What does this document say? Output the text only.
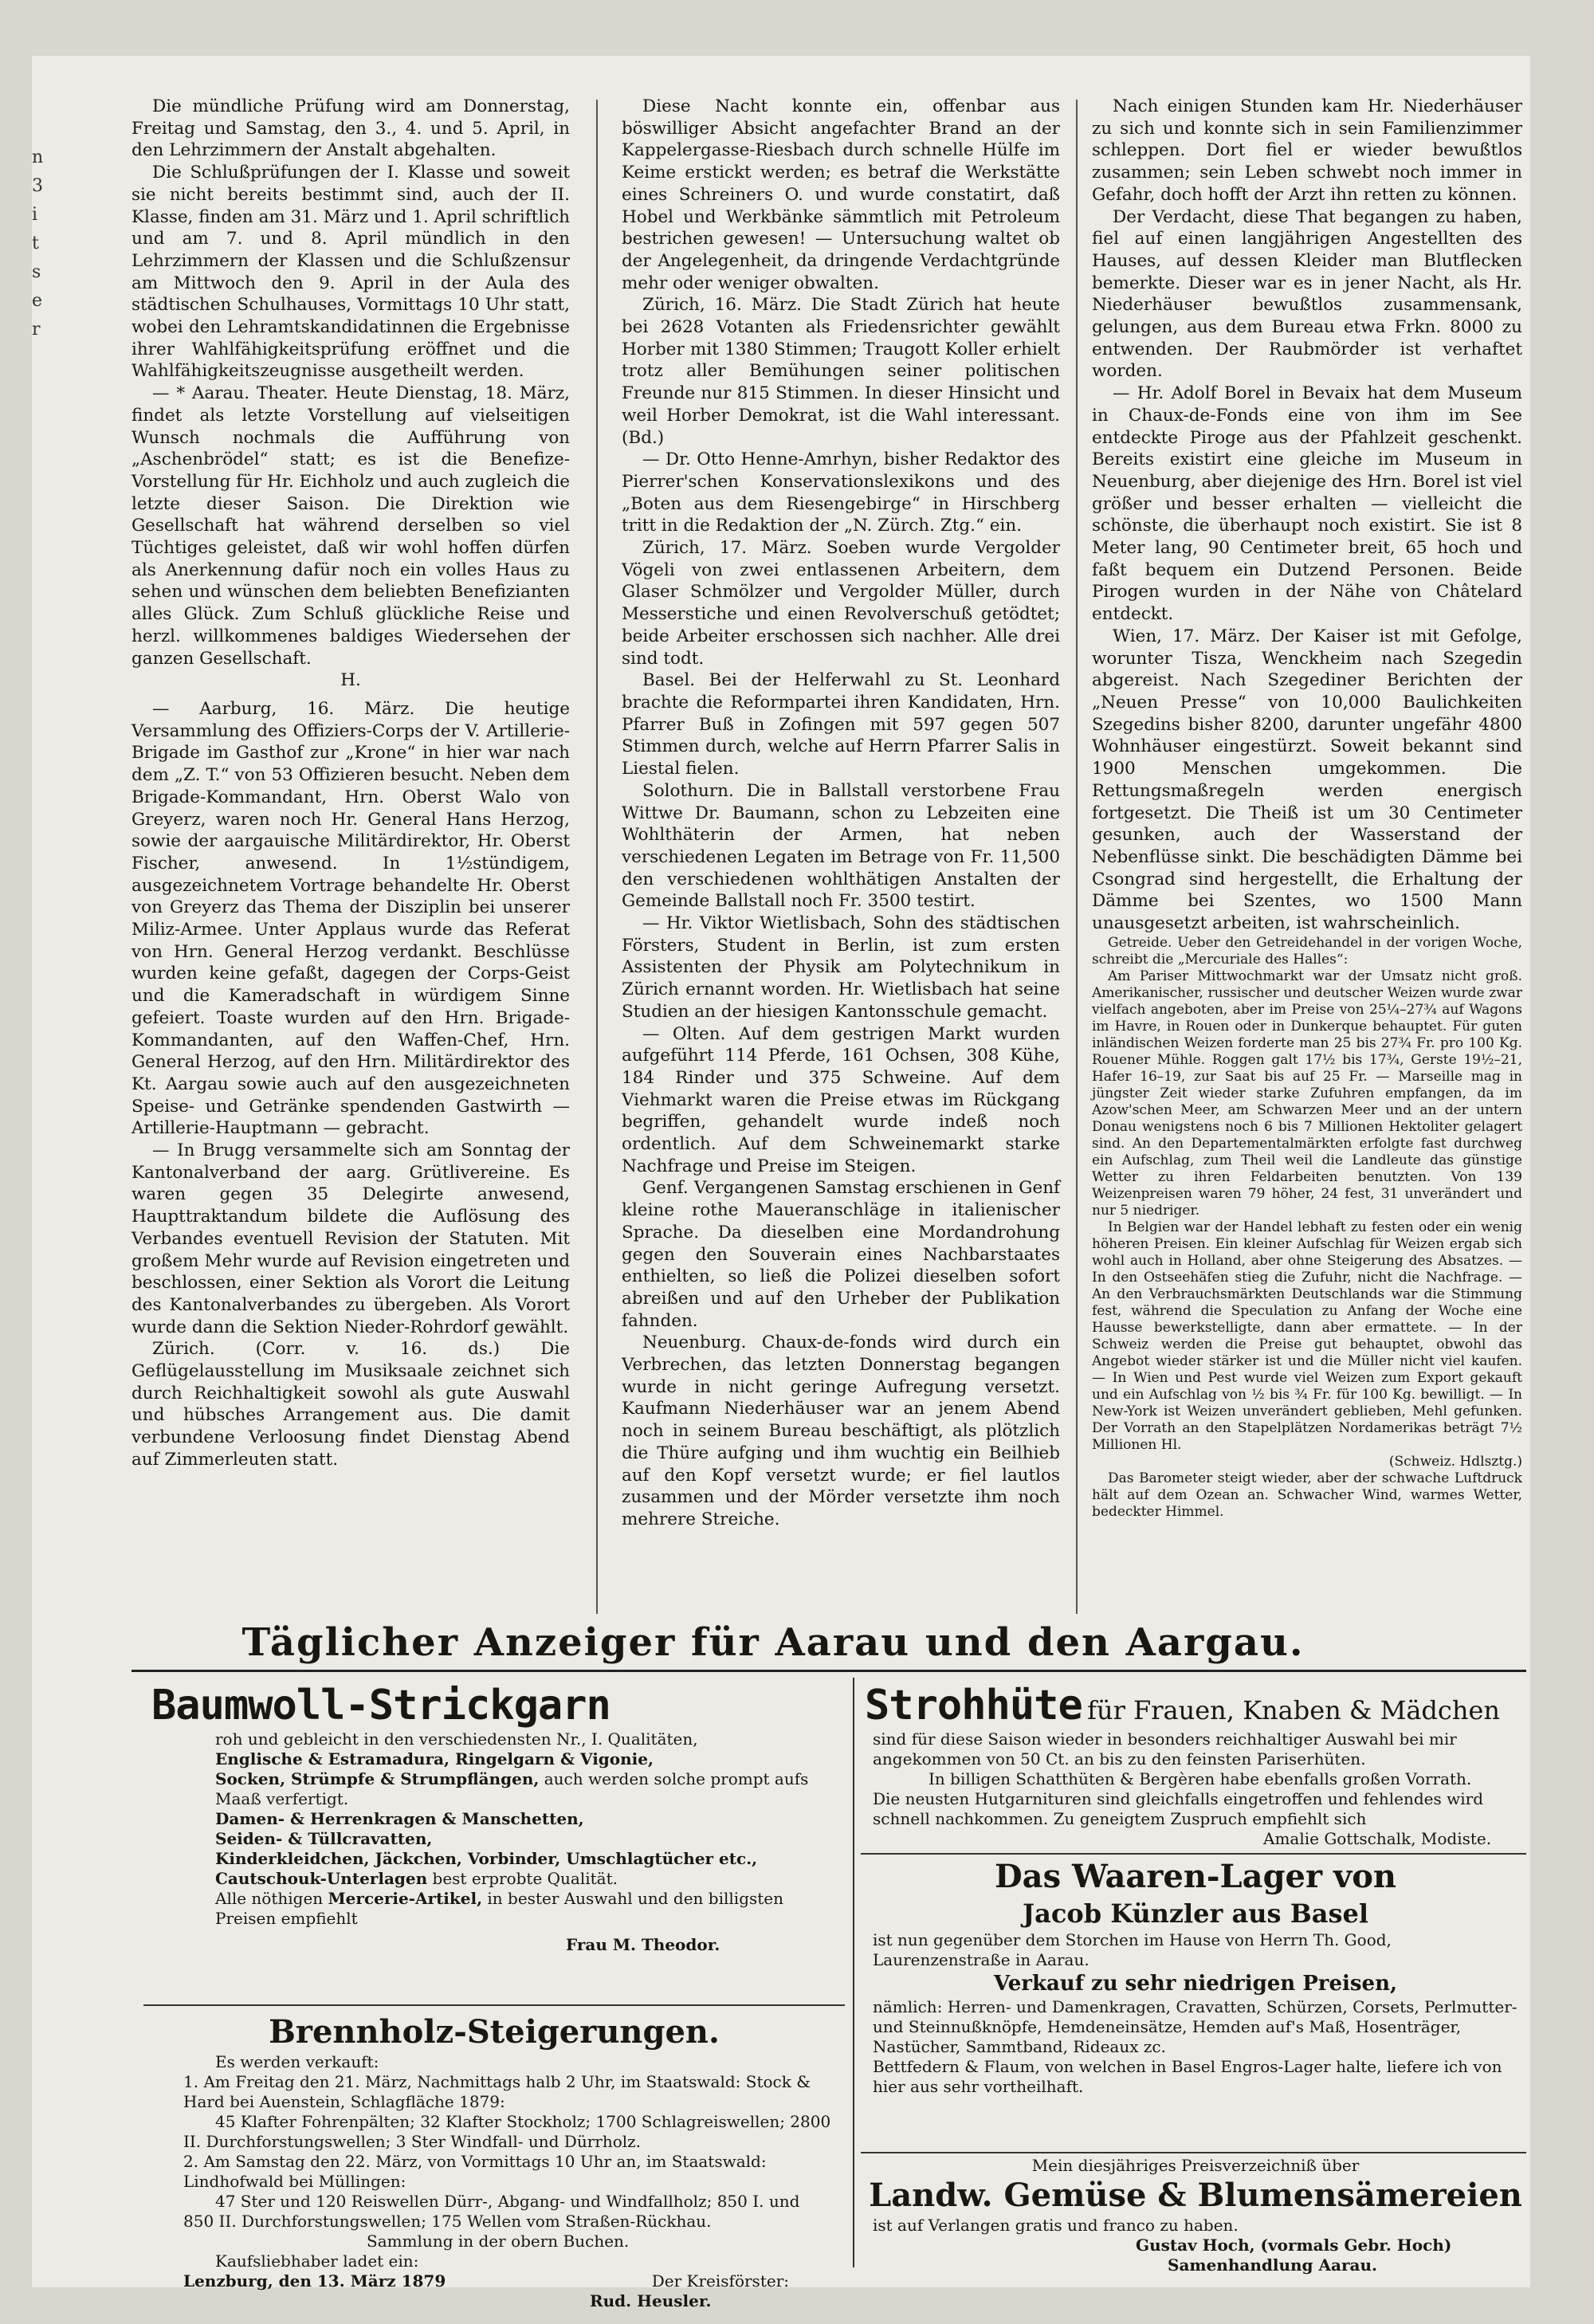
n
3
i
t
s
e
r

Die mündliche Prüfung wird am Donnerstag, Freitag und Samstag, den 3., 4. und 5. April, in den Lehrzimmern der Anstalt abgehalten.

Die Schlußprüfungen der I. Klasse und soweit sie nicht bereits bestimmt sind, auch der II. Klasse, finden am 31. März und 1. April schriftlich und am 7. und 8. April mündlich in den Lehrzimmern der Klassen und die Schlußzensur am Mittwoch den 9. April in der Aula des städtischen Schulhauses, Vormittags 10 Uhr statt, wobei den Lehramtskandidatinnen die Ergebnisse ihrer Wahlfähigkeitsprüfung eröffnet und die Wahlfähigkeitszeugnisse ausgetheilt werden.

— * Aarau. Theater. Heute Dienstag, 18. März, findet als letzte Vorstellung auf vielseitigen Wunsch nochmals die Aufführung von „Aschenbrödel“ statt; es ist die Benefize-Vorstellung für Hr. Eichholz und auch zugleich die letzte dieser Saison. Die Direktion wie Gesellschaft hat während derselben so viel Tüchtiges geleistet, daß wir wohl hoffen dürfen als Anerkennung dafür noch ein volles Haus zu sehen und wünschen dem beliebten Benefizianten alles Glück. Zum Schluß glückliche Reise und herzl. willkommenes baldiges Wiedersehen der ganzen Gesellschaft.

H.

— Aarburg, 16. März. Die heutige Versammlung des Offiziers-Corps der V. Artillerie-Brigade im Gasthof zur „Krone“ in hier war nach dem „Z. T.“ von 53 Offizieren besucht. Neben dem Brigade-Kommandant, Hrn. Oberst Walo von Greyerz, waren noch Hr. General Hans Herzog, sowie der aargauische Militärdirektor, Hr. Oberst Fischer, anwesend. In 1½stündigem, ausgezeichnetem Vortrage behandelte Hr. Oberst von Greyerz das Thema der Disziplin bei unserer Miliz-Armee. Unter Applaus wurde das Referat von Hrn. General Herzog verdankt. Beschlüsse wurden keine gefaßt, dagegen der Corps-Geist und die Kameradschaft in würdigem Sinne gefeiert. Toaste wurden auf den Hrn. Brigade-Kommandanten, auf den Waffen-Chef, Hrn. General Herzog, auf den Hrn. Militärdirektor des Kt. Aargau sowie auch auf den ausgezeichneten Speise- und Getränke spendenden Gastwirth — Artillerie-Hauptmann — gebracht.

— In Brugg versammelte sich am Sonntag der Kantonalverband der aarg. Grütlivereine. Es waren gegen 35 Delegirte anwesend, Haupttraktandum bildete die Auflösung des Verbandes eventuell Revision der Statuten. Mit großem Mehr wurde auf Revision eingetreten und beschlossen, einer Sektion als Vorort die Leitung des Kantonalverbandes zu übergeben. Als Vorort wurde dann die Sektion Nieder-Rohrdorf gewählt.

Zürich. (Corr. v. 16. ds.) Die Geflügelausstellung im Musiksaale zeichnet sich durch Reichhaltigkeit sowohl als gute Auswahl und hübsches Arrangement aus. Die damit verbundene Verloosung findet Dienstag Abend auf Zimmerleuten statt.

Diese Nacht konnte ein, offenbar aus böswilliger Absicht angefachter Brand an der Kappelergasse-Riesbach durch schnelle Hülfe im Keime erstickt werden; es betraf die Werkstätte eines Schreiners O. und wurde constatirt, daß Hobel und Werkbänke sämmtlich mit Petroleum bestrichen gewesen! — Untersuchung waltet ob der Angelegenheit, da dringende Verdachtgründe mehr oder weniger obwalten.

Zürich, 16. März. Die Stadt Zürich hat heute bei 2628 Votanten als Friedensrichter gewählt Horber mit 1380 Stimmen; Traugott Koller erhielt trotz aller Bemühungen seiner politischen Freunde nur 815 Stimmen. In dieser Hinsicht und weil Horber Demokrat, ist die Wahl interessant. (Bd.)

— Dr. Otto Henne-Amrhyn, bisher Redaktor des Pierrer'schen Konservationslexikons und des „Boten aus dem Riesengebirge“ in Hirschberg tritt in die Redaktion der „N. Zürch. Ztg.“ ein.

Zürich, 17. März. Soeben wurde Vergolder Vögeli von zwei entlassenen Arbeitern, dem Glaser Schmölzer und Vergolder Müller, durch Messerstiche und einen Revolverschuß getödtet; beide Arbeiter erschossen sich nachher. Alle drei sind todt.

Basel. Bei der Helferwahl zu St. Leonhard brachte die Reformpartei ihren Kandidaten, Hrn. Pfarrer Buß in Zofingen mit 597 gegen 507 Stimmen durch, welche auf Herrn Pfarrer Salis in Liestal fielen.

Solothurn. Die in Ballstall verstorbene Frau Wittwe Dr. Baumann, schon zu Lebzeiten eine Wohlthäterin der Armen, hat neben verschiedenen Legaten im Betrage von Fr. 11,500 den verschiedenen wohlthätigen Anstalten der Gemeinde Ballstall noch Fr. 3500 testirt.

— Hr. Viktor Wietlisbach, Sohn des städtischen Försters, Student in Berlin, ist zum ersten Assistenten der Physik am Polytechnikum in Zürich ernannt worden. Hr. Wietlisbach hat seine Studien an der hiesigen Kantonsschule gemacht.

— Olten. Auf dem gestrigen Markt wurden aufgeführt 114 Pferde, 161 Ochsen, 308 Kühe, 184 Rinder und 375 Schweine. Auf dem Viehmarkt waren die Preise etwas im Rückgang begriffen, gehandelt wurde indeß noch ordentlich. Auf dem Schweinemarkt starke Nachfrage und Preise im Steigen.

Genf. Vergangenen Samstag erschienen in Genf kleine rothe Maueranschläge in italienischer Sprache. Da dieselben eine Mordandrohung gegen den Souverain eines Nachbarstaates enthielten, so ließ die Polizei dieselben sofort abreißen und auf den Urheber der Publikation fahnden.

Neuenburg. Chaux-de-fonds wird durch ein Verbrechen, das letzten Donnerstag begangen wurde in nicht geringe Aufregung versetzt. Kaufmann Niederhäuser war an jenem Abend noch in seinem Bureau beschäftigt, als plötzlich die Thüre aufging und ihm wuchtig ein Beilhieb auf den Kopf versetzt wurde; er fiel lautlos zusammen und der Mörder versetzte ihm noch mehrere Streiche.

Nach einigen Stunden kam Hr. Niederhäuser zu sich und konnte sich in sein Familienzimmer schleppen. Dort fiel er wieder bewußtlos zusammen; sein Leben schwebt noch immer in Gefahr, doch hofft der Arzt ihn retten zu können.

Der Verdacht, diese That begangen zu haben, fiel auf einen langjährigen Angestellten des Hauses, auf dessen Kleider man Blutflecken bemerkte. Dieser war es in jener Nacht, als Hr. Niederhäuser bewußtlos zusammensank, gelungen, aus dem Bureau etwa Frkn. 8000 zu entwenden. Der Raubmörder ist verhaftet worden.

— Hr. Adolf Borel in Bevaix hat dem Museum in Chaux-de-Fonds eine von ihm im See entdeckte Piroge aus der Pfahlzeit geschenkt. Bereits existirt eine gleiche im Museum in Neuenburg, aber diejenige des Hrn. Borel ist viel größer und besser erhalten — vielleicht die schönste, die überhaupt noch existirt. Sie ist 8 Meter lang, 90 Centimeter breit, 65 hoch und faßt bequem ein Dutzend Personen. Beide Pirogen wurden in der Nähe von Châtelard entdeckt.

Wien, 17. März. Der Kaiser ist mit Gefolge, worunter Tisza, Wenckheim nach Szegedin abgereist. Nach Szegediner Berichten der „Neuen Presse“ von 10,000 Baulichkeiten Szegedins bisher 8200, darunter ungefähr 4800 Wohnhäuser eingestürzt. Soweit bekannt sind 1900 Menschen umgekommen. Die Rettungsmaßregeln werden energisch fortgesetzt. Die Theiß ist um 30 Centimeter gesunken, auch der Wasserstand der Nebenflüsse sinkt. Die beschädigten Dämme bei Csongrad sind hergestellt, die Erhaltung der Dämme bei Szentes, wo 1500 Mann unausgesetzt arbeiten, ist wahrscheinlich.

Getreide. Ueber den Getreidehandel in der vorigen Woche, schreibt die „Mercuriale des Halles“:

Am Pariser Mittwochmarkt war der Umsatz nicht groß. Amerikanischer, russischer und deutscher Weizen wurde zwar vielfach angeboten, aber im Preise von 25¼–27¾ auf Wagons im Havre, in Rouen oder in Dunkerque behauptet. Für guten inländischen Weizen forderte man 25 bis 27¾ Fr. pro 100 Kg. Rouener Mühle. Roggen galt 17½ bis 17¾, Gerste 19½–21, Hafer 16–19, zur Saat bis auf 25 Fr. — Marseille mag in jüngster Zeit wieder starke Zufuhren empfangen, da im Azow'schen Meer, am Schwarzen Meer und an der untern Donau wenigstens noch 6 bis 7 Millionen Hektoliter gelagert sind. An den Departementalmärkten erfolgte fast durchweg ein Aufschlag, zum Theil weil die Landleute das günstige Wetter zu ihren Feldarbeiten benutzten. Von 139 Weizenpreisen waren 79 höher, 24 fest, 31 unverändert und nur 5 niedriger.

In Belgien war der Handel lebhaft zu festen oder ein wenig höheren Preisen. Ein kleiner Aufschlag für Weizen ergab sich wohl auch in Holland, aber ohne Steigerung des Absatzes. — In den Ostseehäfen stieg die Zufuhr, nicht die Nachfrage. — An den Verbrauchsmärkten Deutschlands war die Stimmung fest, während die Speculation zu Anfang der Woche eine Hausse bewerkstelligte, dann aber ermattete. — In der Schweiz werden die Preise gut behauptet, obwohl das Angebot wieder stärker ist und die Müller nicht viel kaufen. — In Wien und Pest wurde viel Weizen zum Export gekauft und ein Aufschlag von ½ bis ¾ Fr. für 100 Kg. bewilligt. — In New-York ist Weizen unverändert geblieben, Mehl gefunken. Der Vorrath an den Stapelplätzen Nordamerikas beträgt 7½ Millionen Hl.

(Schweiz. Hdlsztg.)

Das Barometer steigt wieder, aber der schwache Luftdruck hält auf dem Ozean an. Schwacher Wind, warmes Wetter, bedeckter Himmel.

Täglicher Anzeiger für Aarau und den Aargau.
Baumwoll-Strickgarn
roh und gebleicht in den verschiedensten Nr., I. Qualitäten,
Englische & Estramadura, Ringelgarn & Vigonie,
Socken, Strümpfe & Strumpflängen, auch werden solche prompt aufs Maaß verfertigt.
Damen- & Herrenkragen & Manschetten,
Seiden- & Tüllcravatten,
Kinderkleidchen, Jäckchen, Vorbinder, Umschlagtücher etc., Cautschouk-Unterlagen best erprobte Qualität.
Alle nöthigen Mercerie-Artikel, in bester Auswahl und den billigsten Preisen empfiehlt
Frau M. Theodor.
Brennholz-Steigerungen.
Es werden verkauft:
1. Am Freitag den 21. März, Nachmittags halb 2 Uhr, im Staatswald: Stock & Hard bei Auenstein, Schlagfläche 1879:
45 Klafter Fohrenpälten; 32 Klafter Stockholz; 1700 Schlagreiswellen; 2800
II. Durchforstungswellen; 3 Ster Windfall- und Dürrholz.
2. Am Samstag den 22. März, von Vormittags 10 Uhr an, im Staatswald: Lindhofwald bei Müllingen:
47 Ster und 120 Reiswellen Dürr-, Abgang- und Windfallholz; 850 I. und
850 II. Durchforstungswellen; 175 Wellen vom Straßen-Rückhau.
Sammlung in der obern Buchen.
Kaufsliebhaber ladet ein:
Lenzburg, den 13. März 1879	Der Kreisförster:
Rud. Heusler.
Strohhüte für Frauen, Knaben & Mädchen
sind für diese Saison wieder in besonders reichhaltiger Auswahl bei mir angekommen von 50 Ct. an bis zu den feinsten Pariserhüten.
In billigen Schatthüten & Bergèren habe ebenfalls großen Vorrath.
Die neusten Hutgarnituren sind gleichfalls eingetroffen und fehlendes wird schnell nachkommen. Zu geneigtem Zuspruch empfiehlt sich
Amalie Gottschalk, Modiste.
Das Waaren-Lager von
Jacob Künzler aus Basel
ist nun gegenüber dem Storchen im Hause von Herrn Th. Good, Laurenzenstraße in Aarau.
Verkauf zu sehr niedrigen Preisen,
nämlich: Herren- und Damenkragen, Cravatten, Schürzen, Corsets, Perlmutter- und Steinnußknöpfe, Hemdeneinsätze, Hemden auf's Maß, Hosenträger, Nastücher, Sammtband, Rideaux zc.
Bettfedern & Flaum, von welchen in Basel Engros-Lager halte, liefere ich von hier aus sehr vortheilhaft.
Mein diesjähriges Preisverzeichniß über
Landw. Gemüse & Blumensämereien
ist auf Verlangen gratis und franco zu haben.
Gustav Hoch, (vormals Gebr. Hoch)
Samenhandlung Aarau.
